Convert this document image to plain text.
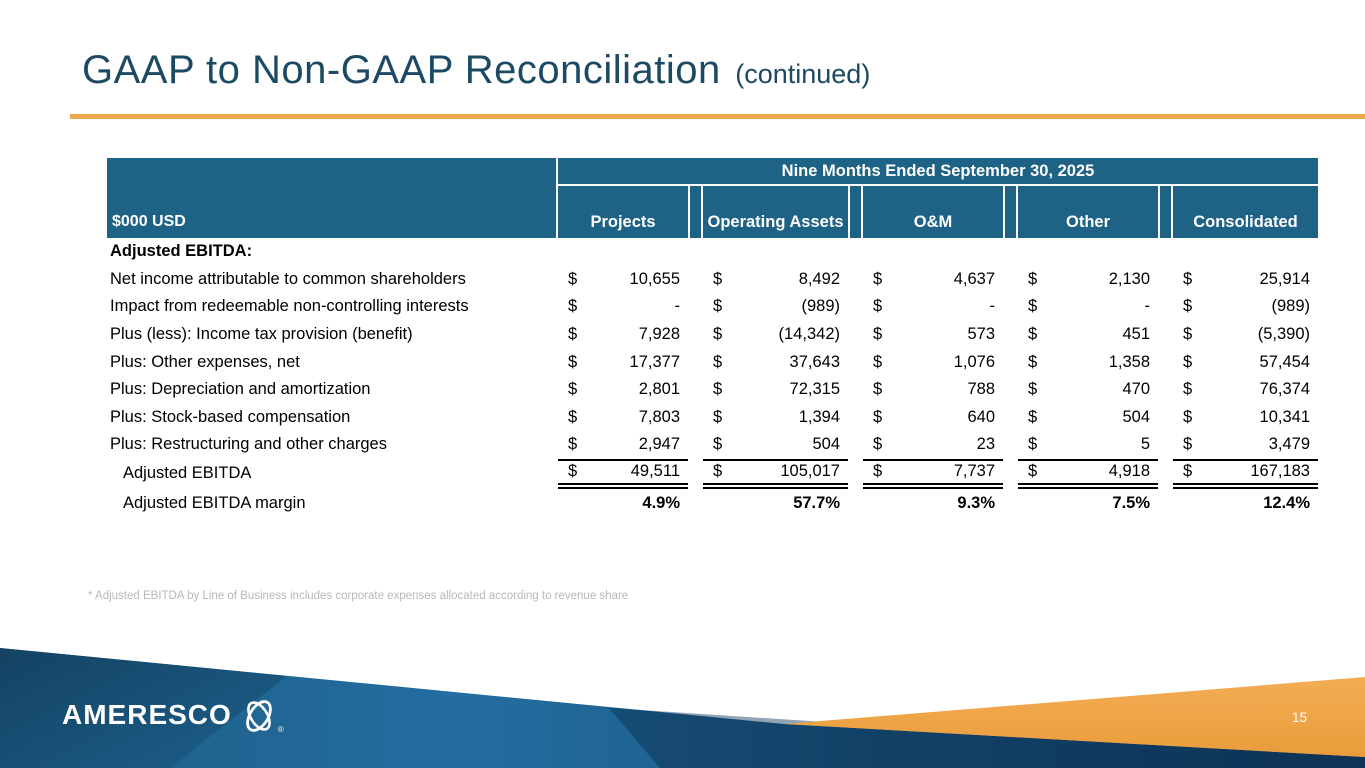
GAAP to Non-GAAP Reconciliation (continued)
$000 USD
Nine Months Ended September 30, 2025
Projects	Operating Assets	O&M	Other	Consolidated
Adjusted EBITDA:
Net income attributable to common shareholders	$	10,655 $	8,492 $	4,637 $	2,130 $	25,914
Impact from redeemable non-controlling interests	$	- $	(989) $	- $	- $	(989)
Plus (less): Income tax provision (benefit)	$	7,928 $	(14,342) $	573 $	451 $	(5,390)
Plus: Other expenses, net	$	17,377 $	37,643 $	1,076 $	1,358 $	57,454
Plus: Depreciation and amortization	$	2,801 $	72,315 $	788 $	470 $	76,374
Plus: Stock-based compensation	$	7,803 $	1,394 $	640 $	504 $	10,341
Plus: Restructuring and other charges	$	2,947 $	504 $	23 $	5 $	3,479
Adjusted EBITDA	$	49,511 $	105,017 $	7,737 $	4,918 $	167,183
Adjusted EBITDA margin	4.9%	57.7%	9.3%	7.5%	12.4%
* Adjusted EBITDA by Line of Business includes corporate expenses allocated according to revenue share
AMERESCO	®
15
